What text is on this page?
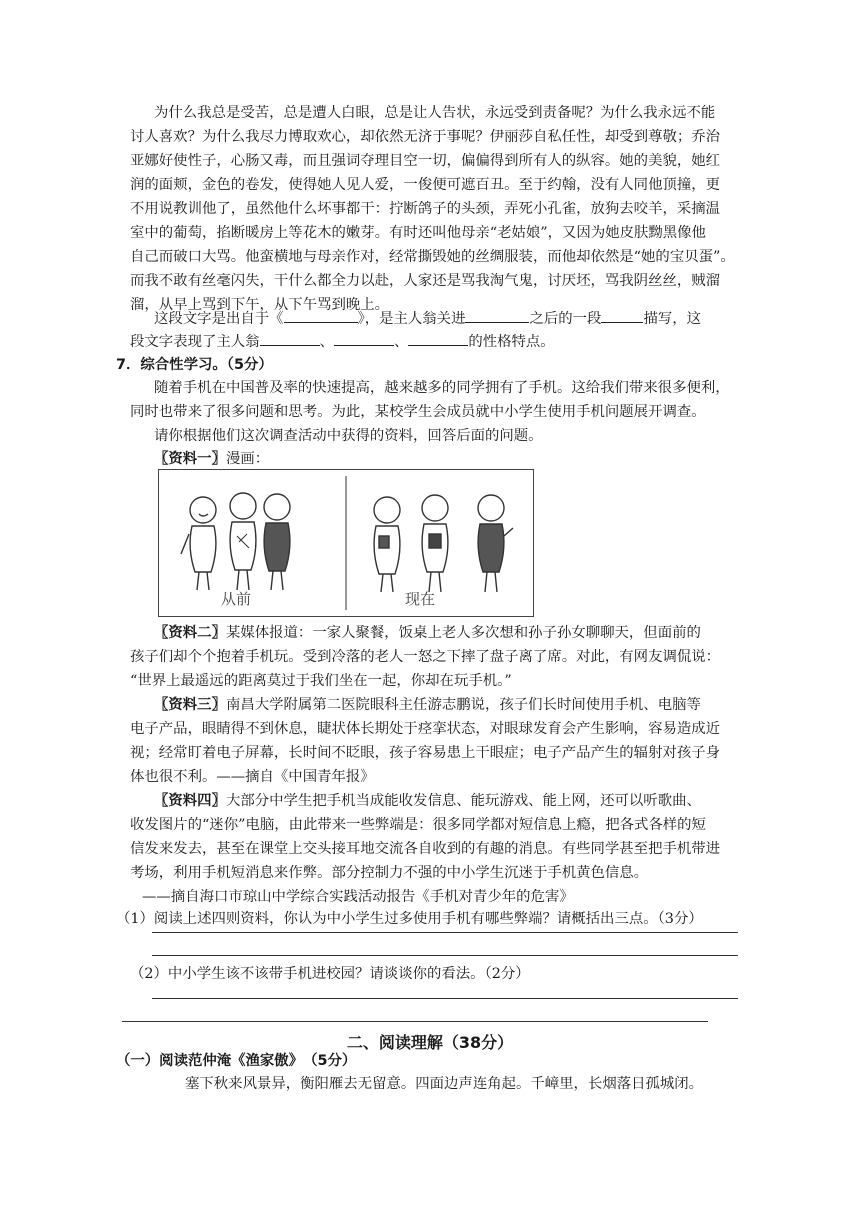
为什么我总是受苦，总是遭人白眼，总是让人告状，永远受到责备呢？为什么我永远不能
讨人喜欢？为什么我尽力博取欢心，却依然无济于事呢？伊丽莎自私任性，却受到尊敬；乔治
亚娜好使性子，心肠又毒，而且强词夺理目空一切，偏偏得到所有人的纵容。她的美貌，她红
润的面颊，金色的卷发，使得她人见人爱，一俊便可遮百丑。至于约翰，没有人同他顶撞，更
不用说教训他了，虽然他什么坏事都干：拧断鸽子的头颈，弄死小孔雀，放狗去咬羊，采摘温
室中的葡萄，掐断暖房上等花木的嫩芽。有时还叫他母亲“老姑娘”，又因为她皮肤黝黑像他
自己而破口大骂。他蛮横地与母亲作对，经常撕毁她的丝绸服装，而他却依然是“她的宝贝蛋”。
而我不敢有丝毫闪失，干什么都全力以赴，人家还是骂我淘气鬼，讨厌坯，骂我阴丝丝，贼溜
溜，从早上骂到下午，从下午骂到晚上。
这段文字是出自于《	》，是主人翁关进	之后的一段	描写，这
段文字表现了主人翁	、	、	的性格特点。
7．综合性学习。（5分）
随着手机在中国普及率的快速提高，越来越多的同学拥有了手机。这给我们带来很多便利，
同时也带来了很多问题和思考。为此，某校学生会成员就中小学生使用手机问题展开调查。
请你根据他们这次调查活动中获得的资料，回答后面的问题。
〖资料一〗漫画：
从前	现在
〖资料二〗某媒体报道：一家人聚餐，饭桌上老人多次想和孙子孙女聊聊天，但面前的
孩子们却个个抱着手机玩。受到冷落的老人一怒之下摔了盘子离了席。对此，有网友调侃说：
“世界上最遥远的距离莫过于我们坐在一起，你却在玩手机。”
〖资料三〗南昌大学附属第二医院眼科主任游志鹏说，孩子们长时间使用手机、电脑等
电子产品，眼睛得不到休息，睫状体长期处于痉挛状态，对眼球发育会产生影响，容易造成近
视；经常盯着电子屏幕，长时间不眨眼，孩子容易患上干眼症；电子产品产生的辐射对孩子身
体也很不利。——摘自《中国青年报》
〖资料四〗大部分中学生把手机当成能收发信息、能玩游戏、能上网，还可以听歌曲、
收发图片的“迷你”电脑，由此带来一些弊端是：很多同学都对短信息上瘾，把各式各样的短
信发来发去，甚至在课堂上交头接耳地交流各自收到的有趣的消息。有些同学甚至把手机带进
考场，利用手机短消息来作弊。部分控制力不强的中小学生沉迷于手机黄色信息。
——摘自海口市琼山中学综合实践活动报告《手机对青少年的危害》
（1）阅读上述四则资料，你认为中小学生过多使用手机有哪些弊端？请概括出三点。（3分）
（2）中小学生该不该带手机进校园？请谈谈你的看法。（2分）
二、阅读理解（38分）
（一）阅读范仲淹《渔家傲》　（5分）
塞下秋来风景异，衡阳雁去无留意。四面边声连角起。千嶂里，长烟落日孤城闭。
